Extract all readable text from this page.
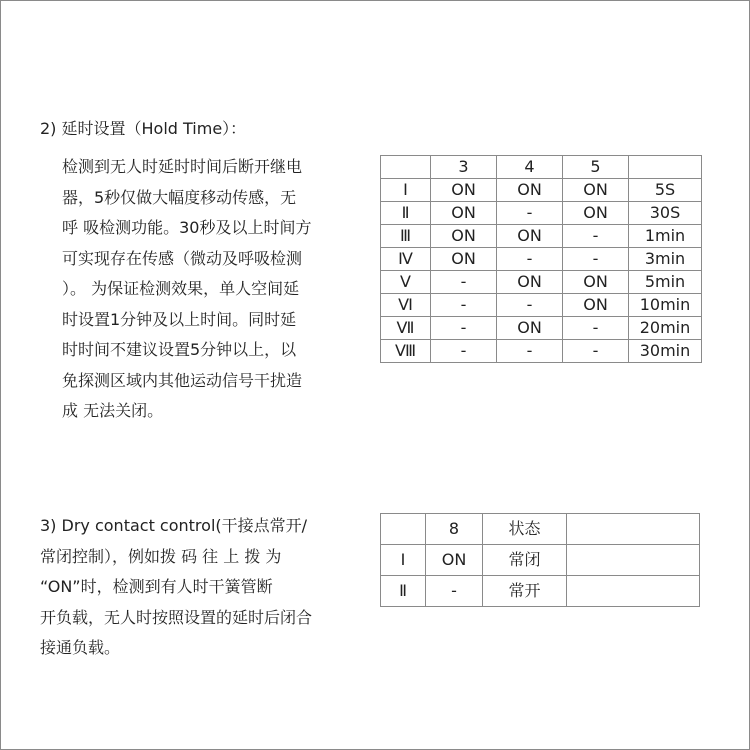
2) 延时设置（Hold Time）：
检测到无人时延时时间后断开继电
器，5秒仅做大幅度移动传感，无
呼 吸检测功能。30秒及以上时间方
可实现存在传感（微动及呼吸检测
）。 为保证检测效果，单人空间延
时设置1分钟及以上时间。同时延
时时间不建议设置5分钟以上，以
免探测区域内其他运动信号干扰造
成 无法关闭。
	3	4	5	
Ⅰ	ON	ON	ON	5S
Ⅱ	ON	-	ON	30S
Ⅲ	ON	ON	-	1min
Ⅳ	ON	-	-	3min
Ⅴ	-	ON	ON	5min
Ⅵ	-	-	ON	10min
Ⅶ	-	ON	-	20min
Ⅷ	-	-	-	30min
3) Dry contact control(干接点常开/
常闭控制），例如拨 码 往 上 拨 为
“ON”时，检测到有人时干簧管断
开负载，无人时按照设置的延时后闭合
接通负载。
	8	状态	
Ⅰ	ON	常闭	
Ⅱ	-	常开	
